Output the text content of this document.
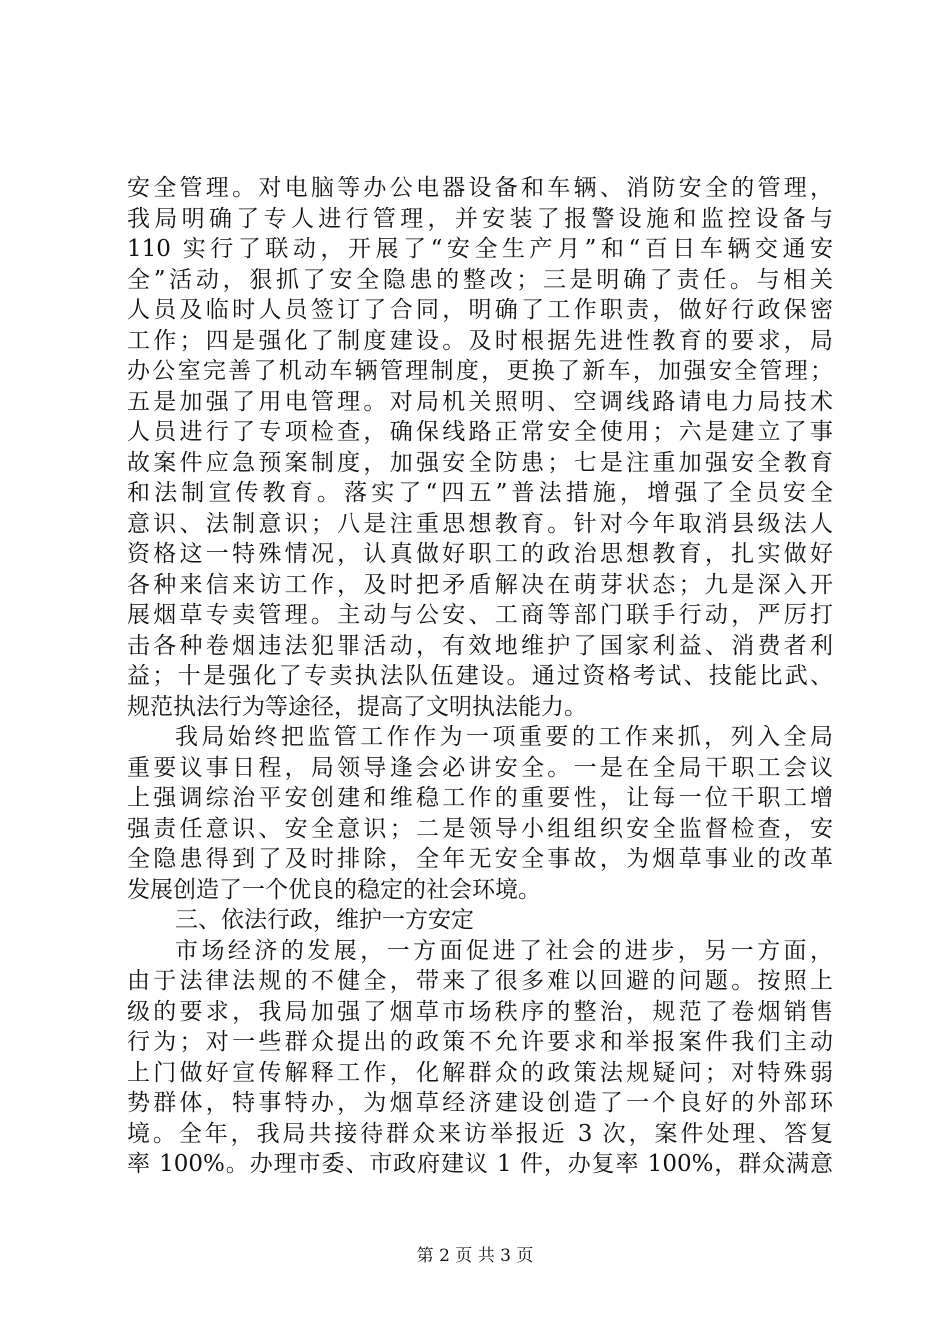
安全管理。对电脑等办公电器设备和车辆、消防安全的管理，
我局明确了专人进行管理，并安装了报警设施和监控设备与
110 实行了联动，开展了“安全生产月”和“百日车辆交通安
全”活动，狠抓了安全隐患的整改；三是明确了责任。与相关
人员及临时人员签订了合同，明确了工作职责，做好行政保密
工作；四是强化了制度建设。及时根据先进性教育的要求，局
办公室完善了机动车辆管理制度，更换了新车，加强安全管理；
五是加强了用电管理。对局机关照明、空调线路请电力局技术
人员进行了专项检查，确保线路正常安全使用；六是建立了事
故案件应急预案制度，加强安全防患；七是注重加强安全教育
和法制宣传教育。落实了“四五”普法措施，增强了全员安全
意识、法制意识；八是注重思想教育。针对今年取消县级法人
资格这一特殊情况，认真做好职工的政治思想教育，扎实做好
各种来信来访工作，及时把矛盾解决在萌芽状态；九是深入开
展烟草专卖管理。主动与公安、工商等部门联手行动，严厉打
击各种卷烟违法犯罪活动，有效地维护了国家利益、消费者利
益；十是强化了专卖执法队伍建设。通过资格考试、技能比武、
规范执法行为等途径，提高了文明执法能力。
我局始终把监管工作作为一项重要的工作来抓，列入全局
重要议事日程，局领导逢会必讲安全。一是在全局干职工会议
上强调综治平安创建和维稳工作的重要性，让每一位干职工增
强责任意识、安全意识；二是领导小组组织安全监督检查，安
全隐患得到了及时排除，全年无安全事故，为烟草事业的改革
发展创造了一个优良的稳定的社会环境。
三、依法行政，维护一方安定
市场经济的发展，一方面促进了社会的进步，另一方面，
由于法律法规的不健全，带来了很多难以回避的问题。按照上
级的要求，我局加强了烟草市场秩序的整治，规范了卷烟销售
行为；对一些群众提出的政策不允许要求和举报案件我们主动
上门做好宣传解释工作，化解群众的政策法规疑问；对特殊弱
势群体，特事特办，为烟草经济建设创造了一个良好的外部环
境。全年，我局共接待群众来访举报近 3 次，案件处理、答复
率 100%。办理市委、市政府建议 1 件，办复率 100%，群众满意
第 2 页 共 3 页
